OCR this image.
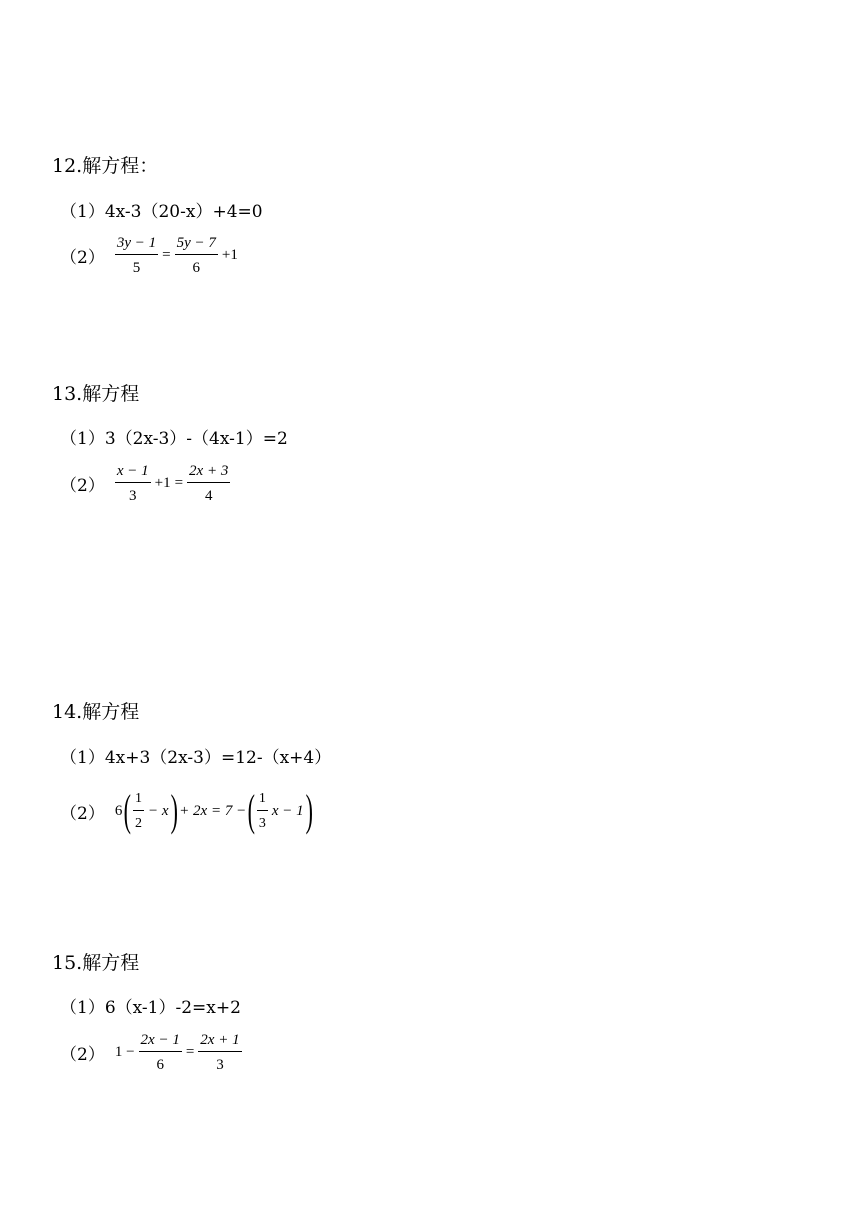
12.解方程：
（1）4x-3（20-x）+4=0
$(2) \frac{3y - 1}{5} = \frac{5y - 7}{6} +1$
13.解方程
（1）3（2x-3）-（4x-1）=2
$(2) \frac{x - 1}{3} +1 = \frac{2x + 3}{4}$
14.解方程
（1）4x+3（2x-3）=12-（x+4）
（2） 6 ( $\frac{1}{2} - x$ ) + 2x = 7 − ( $\frac{1}{3}$ x − 1 )
15.解方程
（1）6（x-1）-2=x+2
（2） $1 - \frac{2x - 1}{6} = \frac{2x + 1}{3}$
